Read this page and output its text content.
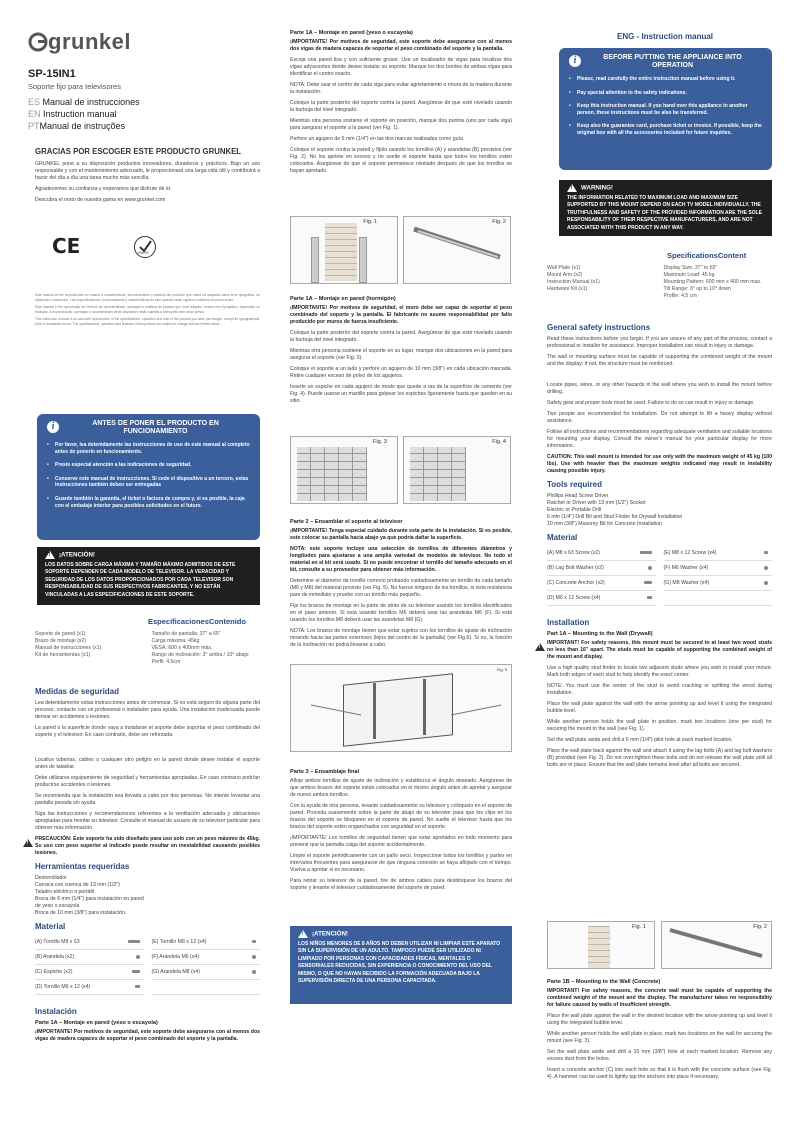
grunkel
SP-15IN1
Soporte fijo para televisores
ES Manual de instrucciones
EN Instruction manual
PTManual de instruções
GRACIAS POR ESCOGER ESTE PRODUCTO GRUNKEL
GRUNKEL pone a su disposición productos innovadores, duraderos y prácticos. Bajo un uso responsable y con el mantenimiento adecuado, le proporcionará una larga vida útil y contribuirá a hacer del día a día una tarea mucho más sencilla.
Agradecemos su confianza y esperamos que disfrute de él.
Descubra el resto de nuestra gama en www.grunkel.com
CE	RoHS
Este manual es fiel reproducción en cuanto a características, funcionamiento y estética del producto que usted ha adquirido salvo error tipográfico, de impresión o traducción. Las especificaciones, funcionamiento y características de este aparato están sujetos a cambios sin previo aviso.
Este manual é fiel reprodução em termos de características, operação e estética do produto que você adquiriu, exceto erro tipográfico, impressão ou tradução. A especificação, operação e características deste dispositivo estão sujeitas a alterações sem aviso prévio.
This instruction manual is an accurate reproduction of the specifications, operation and look of the product you have just bought, except for typographical, print or translation errors. The specifications, operation and features of this product are subject to change without further notice.
i	ANTES DE PONER EL PRODUCTO EN FUNCIONAMIENTO
• Por favor, lea detenidamente las instrucciones de uso de este manual al completo antes de ponerlo en funcionamiento.
• Preste especial atención a las indicaciones de seguridad.
• Conserve este manual de instrucciones. Si cede el dispositivo a un tercero, estas instrucciones también deben ser entregadas
• Guarde también la garantía, el ticket o factura de compra y, si es posible, la caja con el embalaje interior para posibles solicitudes en el futuro.
! ¡ATENCIÓN!
LOS DATOS SOBRE CARGA MÁXIMA Y TAMAÑO MÁXIMO ADMITIDOS DE ESTE SOPORTE DEPENDEN DE CADA MODELO DE TELEVISOR. LA VERACIDAD Y SEGURIDAD DE LOS DATOS PROPORCIONADOS POR CADA TELEVISOR SON RESPONSABILIDAD DE SUS RESPECTIVOS FABRICANTES, Y NO ESTÁN VINCULADAS A LAS ESPECIFICACIONES DE ESTE SOPORTE.
EspecificacionesContenido
Soporte de pared (x1)
Brazo de montaje (x2)
Manual de instrucciones (x1)
Kit de herramientas (x1)
Tamaño de pantalla: 37" a 65"
Carga máxima: 45kg
VESA: 600 x 400mm máx.
Rango de inclinación: 3° arriba / 10° abajo
Perfil: 4,5cm
Medidas de seguridad
Lea detenidamente estas instrucciones antes de comenzar. Si no está seguro de alguna parte del proceso, contacte con un profesional o instalador para ayuda. Una instalación inadecuada puede derivar en accidentes o lesiones.
La pared o la superficie donde vaya a instalarse el soporte debe soportar el peso combinado del soporte y el televisor. En caso contrario, debe ser reforzada.
Localice tuberías, cables o cualquier otro peligro en la pared donde desee instalar el soporte antes de taladrar.
Debe utilizarse equipamiento de seguridad y herramientas apropiadas. En caso contrario podrían producirse accidentes o lesiones.
Se recomienda que la instalación sea llevada a cabo por dos personas. No intente levantar una pantalla pesada sin ayuda.
Siga las instrucciones y recomendaciones referentes a la ventilación adecuada y ubicaciones apropiadas para montar su televisor. Consulte el manual de usuario de su televisor particular para obtener más información.
!
PRECAUCIÓN: Este soporte ha sido diseñado para uso solo con un peso máximo de 45kg. Su uso con peso superior al indicado puede resultar en inestabilidad causando posibles lesiones.
Herramientas requeridas
Destornillador
Carraca con cuenca de 13 mm (1/2")
Taladro eléctrico o portátil
Broca de 6 mm (1/4") para instalación en pared de yeso o escayola
Broca de 10 mm (3/8") para instalación.
Material
(A) Tornillo M8 x 63	(E) Tornillo M8 x 12 (x4)
(B) Arandela (x2)	(F) Arandela M6 (x4)
(C) Espiche (x2)	(G) Arandela M8 (x4)
(D) Tornillo M6 x 12 (x4)
Instalación
Parte 1A – Montaje en pared (yeso o escayola)
¡IMPORTANTE! Por motivos de seguridad, este soporte debe asegurarse con al menos dos vigas de madera capaces de soportar el peso combinado del soporte y la pantalla.
Parte 1A – Montaje en pared (yeso o escayola)
¡IMPORTANTE! Por motivos de seguridad, este soporte debe asegurarse con al menos dos vigas de madera capaces de soportar el peso combinado del soporte y la pantalla.
Escoja una pared lisa y con suficiente grosor. Use un localizador de vigas para localizar dos vigas adyacentes donde desee instalar su soporte. Marque los dos bordes de ambas vigas para identificar el centro exacto.
NOTA: Debe usar el centro de cada viga para evitar agrietamiento o rotura de la madera durante la instalación.
Coloque la parte posterior del soporte contra la pared. Asegúrese de que esté nivelado usando la burbuja del nivel integrado.
Mientras otra persona sostiene el soporte en posición, marque dos puntos (uno por cada viga) para asegurar el soporte a la pared (ver Fig. 1).
Perfore un agujero de 6 mm (1/4") en las dos marcas realizadas como guía.
Coloque el soporte contra la pared y fíjelo usando los tornillos (A) y arandelas (B) provistos (ver Fig. 2). No los apriete en exceso y no suelte el soporte hasta que todos los tornillos estén colocados. Asegúrese de que el soporte permanece nivelado después de que los tornillos se hayan apretado.
Fig. 1	Fig. 2
Parte 1A – Montaje en pared (hormigón)
¡IMPORTANTE! Por motivos de seguridad, el muro debe ser capaz de soportar el peso combinado del soporte y la pantalla. El fabricante no asume responsabilidad por fallo producido por muros de fuerza insuficiente.
Coloque la parte posterior del soporte contra la pared. Asegúrese de que esté nivelado usando la burbuja del nivel integrado.
Mientras otra persona sostiene el soporte en su lugar, marque dos ubicaciones en la pared para asegurar el soporte (ver Fig. 3).
Coloque el soporte a un lado y perfore un agujero de 10 mm (3/8") en cada ubicación marcada. Retire cualquier exceso de polvo de los agujeros.
Inserte un espiche en cada agujero de modo que quede a ras de la superficie de cemento (ver Fig. 4). Puede usarse un martillo para golpear los espiches ligeramente hasta que queden en su sitio.
Fig. 3	Fig. 4
Parte 2 – Ensamblar el soporte al televisor
¡IMPORTANTE! Tenga especial cuidado durante esta parte de la instalación. Si es posible, este colocar su pantalla hacia abajo ya que podría dañar la superficie.
NOTA: este soporte incluye una selección de tornillos de diferentes diámetros y longitudes para ajustarse a una amplia variedad de modelos de televisor. No todo el material en el kit será usado. Si no puede encontrar el tornillo del tamaño adecuado en el kit, consulte a su proveedor para obtener más información.
Determine el diámetro de tornillo correcto probando cuidadosamente un tornillo de cada tamaño (M6 y M8) del material provisto (ver Fig. 5). No fuerce ninguno de los tornillos, si nota resistencia pare de inmediato y pruebe con un tornillo más pequeño.
Fije los brazos de montaje en la parte de atrás de su televisor usando los tornillos identificados en el paso anterior. Si está usando tornillos M6 deberá usar las arandelas M6 (F). Si está usando los tornillos M8 deberá usar las arandelas M8 (G).
NOTA: Los brazos de montaje tienen que estar sujetos con los tornillos de ajuste de inclinación mirando hacia las partes exteriores (lejos del centro de la pantalla) (ver Fig.6). Si no, la función de la inclinación no podrá llevarse a cabo.
Fig. 5
Parte 3 – Ensamblaje final
Afloje ambos tornillos de ajuste de inclinación y establezca el ángulo deseado. Asegúrese de que ambos brazos del soporte están colocados en el mismo ángulo antes de apretar y asegurar de nuevo ambos tornillos.
Con la ayuda de otra persona, levante cuidadosamente su televisor y colóquelo en el soporte de pared. Proceda suavemente sobre la parte de abajo de su televisor para que los clips en los brazos del soporte se bloqueen en el soporte de pared. No suelte el televisor hasta que los brazos del soporte estén enganchados con seguridad en el soporte.
¡IMPORTANTE! Los tornillos de seguridad tienen que estar apretados en todo momento para prevenir que la pantalla caiga del soporte accidentalmente.
Limpie el soporte periódicamente con un paño seco. Inspeccione todos los tornillos y partes en intervalos frecuentes para asegurarse de que ninguna conexión se haya aflojado con el tiempo. Vuelva a apretar si es necesario.
Para retirar su televisor de la pared, tire de ambos cables para desbloquear los brazos del soporte y levante el televisor cuidadosamente del soporte de pared.
! ¡ATENCIÓN!
LOS NIÑOS MENORES DE 8 AÑOS NO DEBEN UTILIZAR NI LIMPIAR ESTE APARATO SIN LA SUPERVISIÓN DE UN ADULTO. TAMPOCO PUEDE SER UTILIZADO NI LIMPIADO POR PERSONAS CON CAPACIDADES FÍSICAS, MENTALES O SENSORIALES REDUCIDAS, SIN EXPERIENCIA O CONOCIMIENTO DEL USO DEL MISMO, O QUE NO HAYAN RECIBIDO LA FORMACIÓN ADECUADA BAJO LA SUPERVISIÓN DIRECTA DE UNA PERSONA CAPACITADA.
ENG - Instruction manual
i	BEFORE PUTTING THE APPLIANCE INTO OPERATION
• Please, read carefully the entire instruction manual before using it.
• Pay special attention to the safety indications.
• Keep this instruction manual. If you hand over this appliance to another person, these instructions must be also be transferred.
• Keep also the guarantee card, purchase ticket or invoice. If possible, keep the original box with all the accessories included for future inquiries.
! WARNING!
THE INFORMATION RELATED TO MAXIMUM LOAD AND MAXIMUM SIZE SUPPORTED BY THIS MOUNT DEPEND ON EACH TV MODEL INDIVIDUALLY. THE TRUTHFULNESS AND SAFETY OF THE PROVIDED INFORMATION ARE THE SOLE RESPONSABILITY OF THEIR RESPECTIVE MANUFACTURERS, AND ARE NOT ASSOCIATED WITH THIS PRODUCT IN ANY WAY.
SpecificationsContent
Wall Plate (x1)
Mount Arm (x2)
Instruction Manual (x1)
Hardware Kit (x1)
Display Size: 37" to 65"
Maximum Load: 45 kg
Mounting Pattern: 600 mm x 400 mm max.
Tilt Range: 3° up to 10° down
Profile: 4,5 cm
General safety instructions
Read these instructions before you begin. If you are unsure of any part of the process, contact a professional or installer for assistance. Improper installation can result in injury or damage.
The wall or mounting surface must be capable of supporting the combined weight of the mount and the display; if not, the structure must be reinforced.
Locate pipes, wires, or any other hazards in the wall where you wish to install the mount before drilling.
Safety gear and proper tools must be used. Failure to do so can result in injury or damage.
Two people are recommended for installation. Do not attempt to lift a heavy display without assistance.
Follow all instructions and recommendations regarding adequate ventilation and suitable locations for mounting your display. Consult the owner's manual for your particular display for more information.
CAUTION: This wall mount is intended for use only with the maximum weight of 45 kg (100 lbs). Use with heavier than the maximum weights indicated may result in instability causing possible injury.
Tools required
Phillips Head Screw Driver
Ratchet or Driver with 13 mm (1/2") Socket
Electric or Portable Drill
6 mm (1/4") Drill Bit and Stud Finder for Drywall Installation
10 mm (3/8") Masonry Bit for Concrete Installation
Material
(A) M8 x 63 Screw (x2)	(E) M8 x 12 Screw (x4)
(B) Lag Bolt Washer (x2)	(F) M6 Washer (x4)
(C) Concrete Anchor (x2)	(G) M8 Washer (x4)
(D) M6 x 12 Screw (x4)
Installation
Part 1A – Mounting to the Wall (Drywall)
!
IMPORTANT! For safety reasons, this mount must be secured to at least two wood studs no less than 16" apart. The studs must be capable of supporting the combined weight of the mount and display.
Use a high quality stud finder to locate two adjacent studs where you wish to install your mount. Mark both edges of each stud to help identify the exact center.
NOTE: You must use the center of the stud to avoid cracking or splitting the wood during installation.
Place the wall plate against the wall with the arrow pointing up and level it using the integrated bubble level.
While another person holds the wall plate in position, mark two locations (one per stud) for securing the mount to the wall (see Fig. 1).
Set the wall plate aside and drill a 6 mm (1/4") pilot hole at each marked location.
Place the wall plate back against the wall and attach it using the lag bolts (A) and lag bolt washers (B) provided (see Fig. 2). Do not over-tighten these bolts and do not release the wall plate until all bolts are in place. Ensure that the wall plate remains level after all bolts are secured.
Fig. 1	Fig. 2
Parte 1B – Mounting to the Wall (Concrete)
IMPORTANT! For safety reasons, the concrete wall must be capable of supporting the combined weight of the mount and the display. The manufacturer takes no responsibility for failure caused by walls of insufficient strength.
Place the wall plate against the wall in the desired location with the arrow pointing up and level it using the integrated bubble level.
While another person holds the wall plate in place, mark two locations on the wall for securing the mount (see Fig. 3).
Set the wall plate aside and drill a 10 mm (3/8") hole at each marked location. Remove any excess dust from the holes.
Insert a concrete anchor (C) into each hole so that it is flush with the concrete surface (see Fig. 4). A hammer can be used to lightly tap the anchors into place if necessary.
